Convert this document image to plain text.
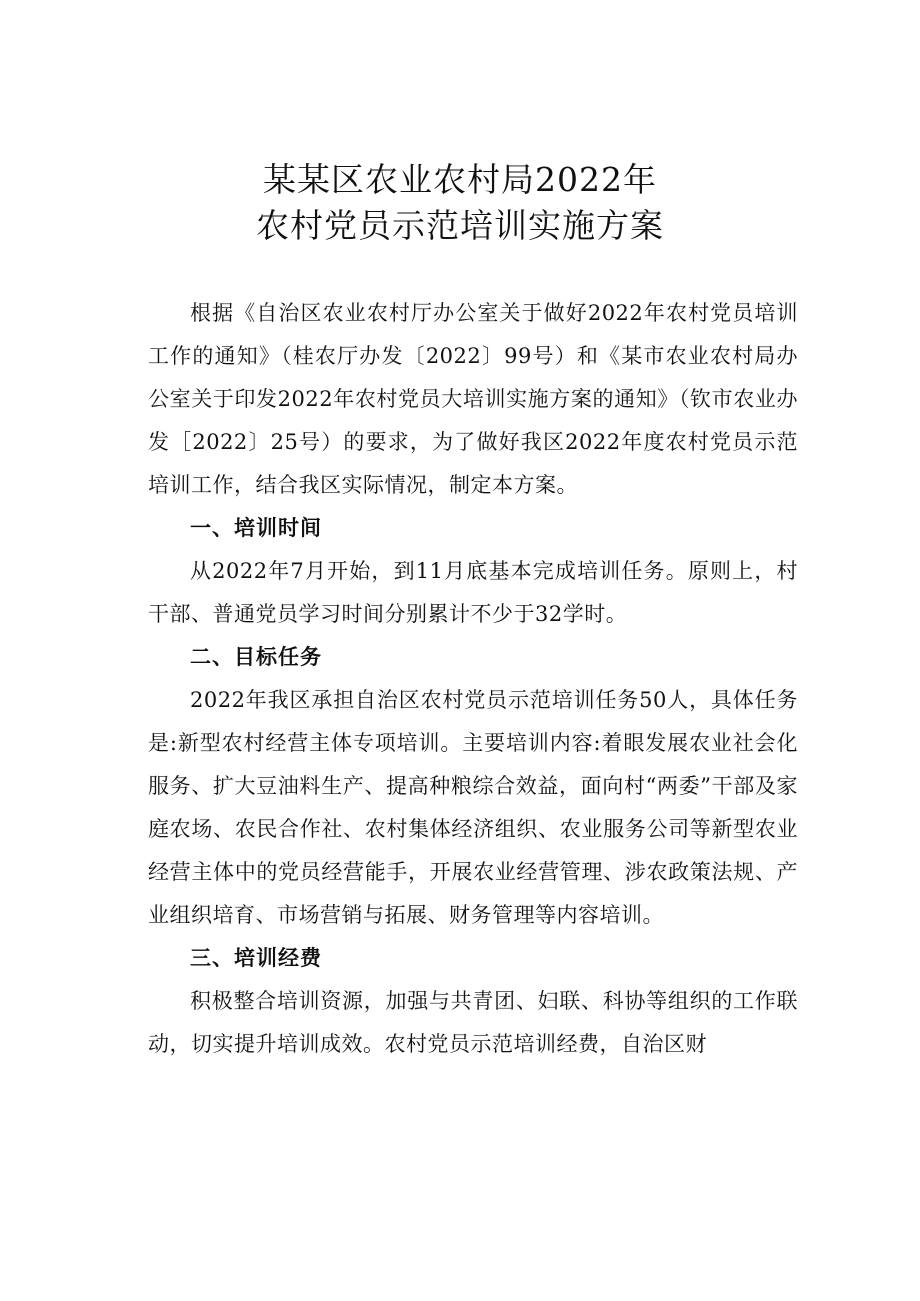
某某区农业农村局2022年
农村党员示范培训实施方案

根据《自治区农业农村厅办公室关于做好2022年农村党员培训工作的通知》（桂农厅办发〔2022〕99号）和《某市农业农村局办公室关于印发2022年农村党员大培训实施方案的通知》（钦市农业办发［2022〕25号）的要求，为了做好我区2022年度农村党员示范培训工作，结合我区实际情况，制定本方案。

一、培训时间

从2022年7月开始，到11月底基本完成培训任务。原则上，村干部、普通党员学习时间分别累计不少于32学时。

二、目标任务

2022年我区承担自治区农村党员示范培训任务50人，具体任务是:新型农村经营主体专项培训。主要培训内容:着眼发展农业社会化服务、扩大豆油料生产、提高种粮综合效益，面向村“两委”干部及家庭农场、农民合作社、农村集体经济组织、农业服务公司等新型农业经营主体中的党员经营能手，开展农业经营管理、涉农政策法规、产业组织培育、市场营销与拓展、财务管理等内容培训。

三、培训经费

积极整合培训资源，加强与共青团、妇联、科协等组织的工作联动，切实提升培训成效。农村党员示范培训经费，自治区财
